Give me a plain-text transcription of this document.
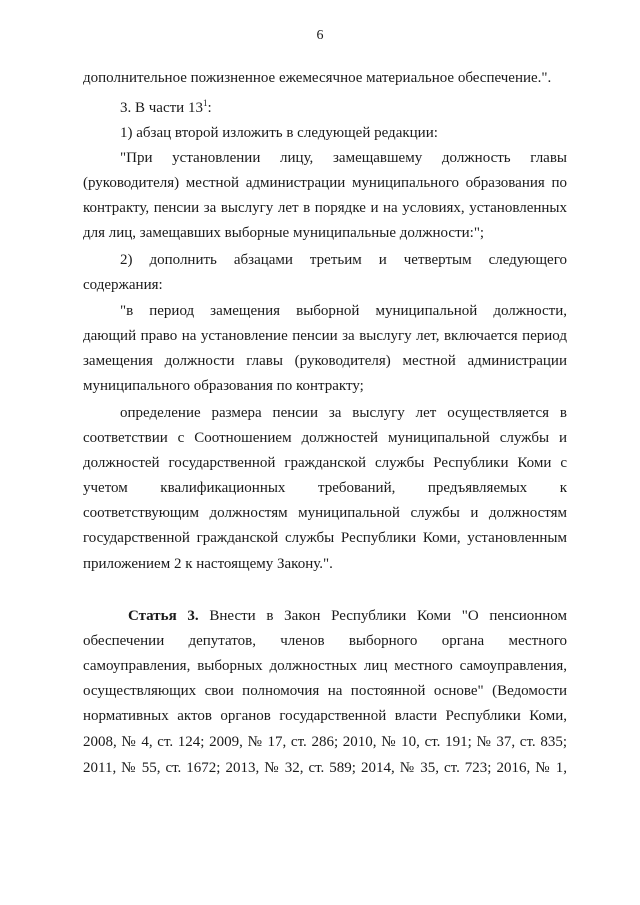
6
дополнительное пожизненное ежемесячное материальное обеспечение.".
3. В части $13^1$:
1) абзац второй изложить в следующей редакции:
"При установлении лицу, замещавшему должность главы
(руководителя) местной администрации муниципального образования по
контракту, пенсии за выслугу лет в порядке и на условиях, установленных
для лиц, замещавших выборные муниципальные должности:";
2) дополнить абзацами третьим и четвертым следующего
содержания:
"в период замещения выборной муниципальной должности,
дающий право на установление пенсии за выслугу лет, включается период
замещения должности главы (руководителя) местной администрации
муниципального образования по контракту;
определение размера пенсии за выслугу лет осуществляется в
соответствии с Соотношением должностей муниципальной службы и
должностей государственной гражданской службы Республики Коми с
учетом квалификационных требований, предъявляемых к
соответствующим должностям муниципальной службы и должностям
государственной гражданской службы Республики Коми, установленным
приложением 2 к настоящему Закону.".
Статья 3. Внести в Закон Республики Коми "О пенсионном
обеспечении депутатов, членов выборного органа местного
самоуправления, выборных должностных лиц местного самоуправления,
осуществляющих свои полномочия на постоянной основе" (Ведомости
нормативных актов органов государственной власти Республики Коми,
2008, № 4, ст. 124; 2009, № 17, ст. 286; 2010, № 10, ст. 191; № 37, ст. 835;
2011, № 55, ст. 1672; 2013, № 32, ст. 589; 2014, № 35, ст. 723; 2016, № 1,
